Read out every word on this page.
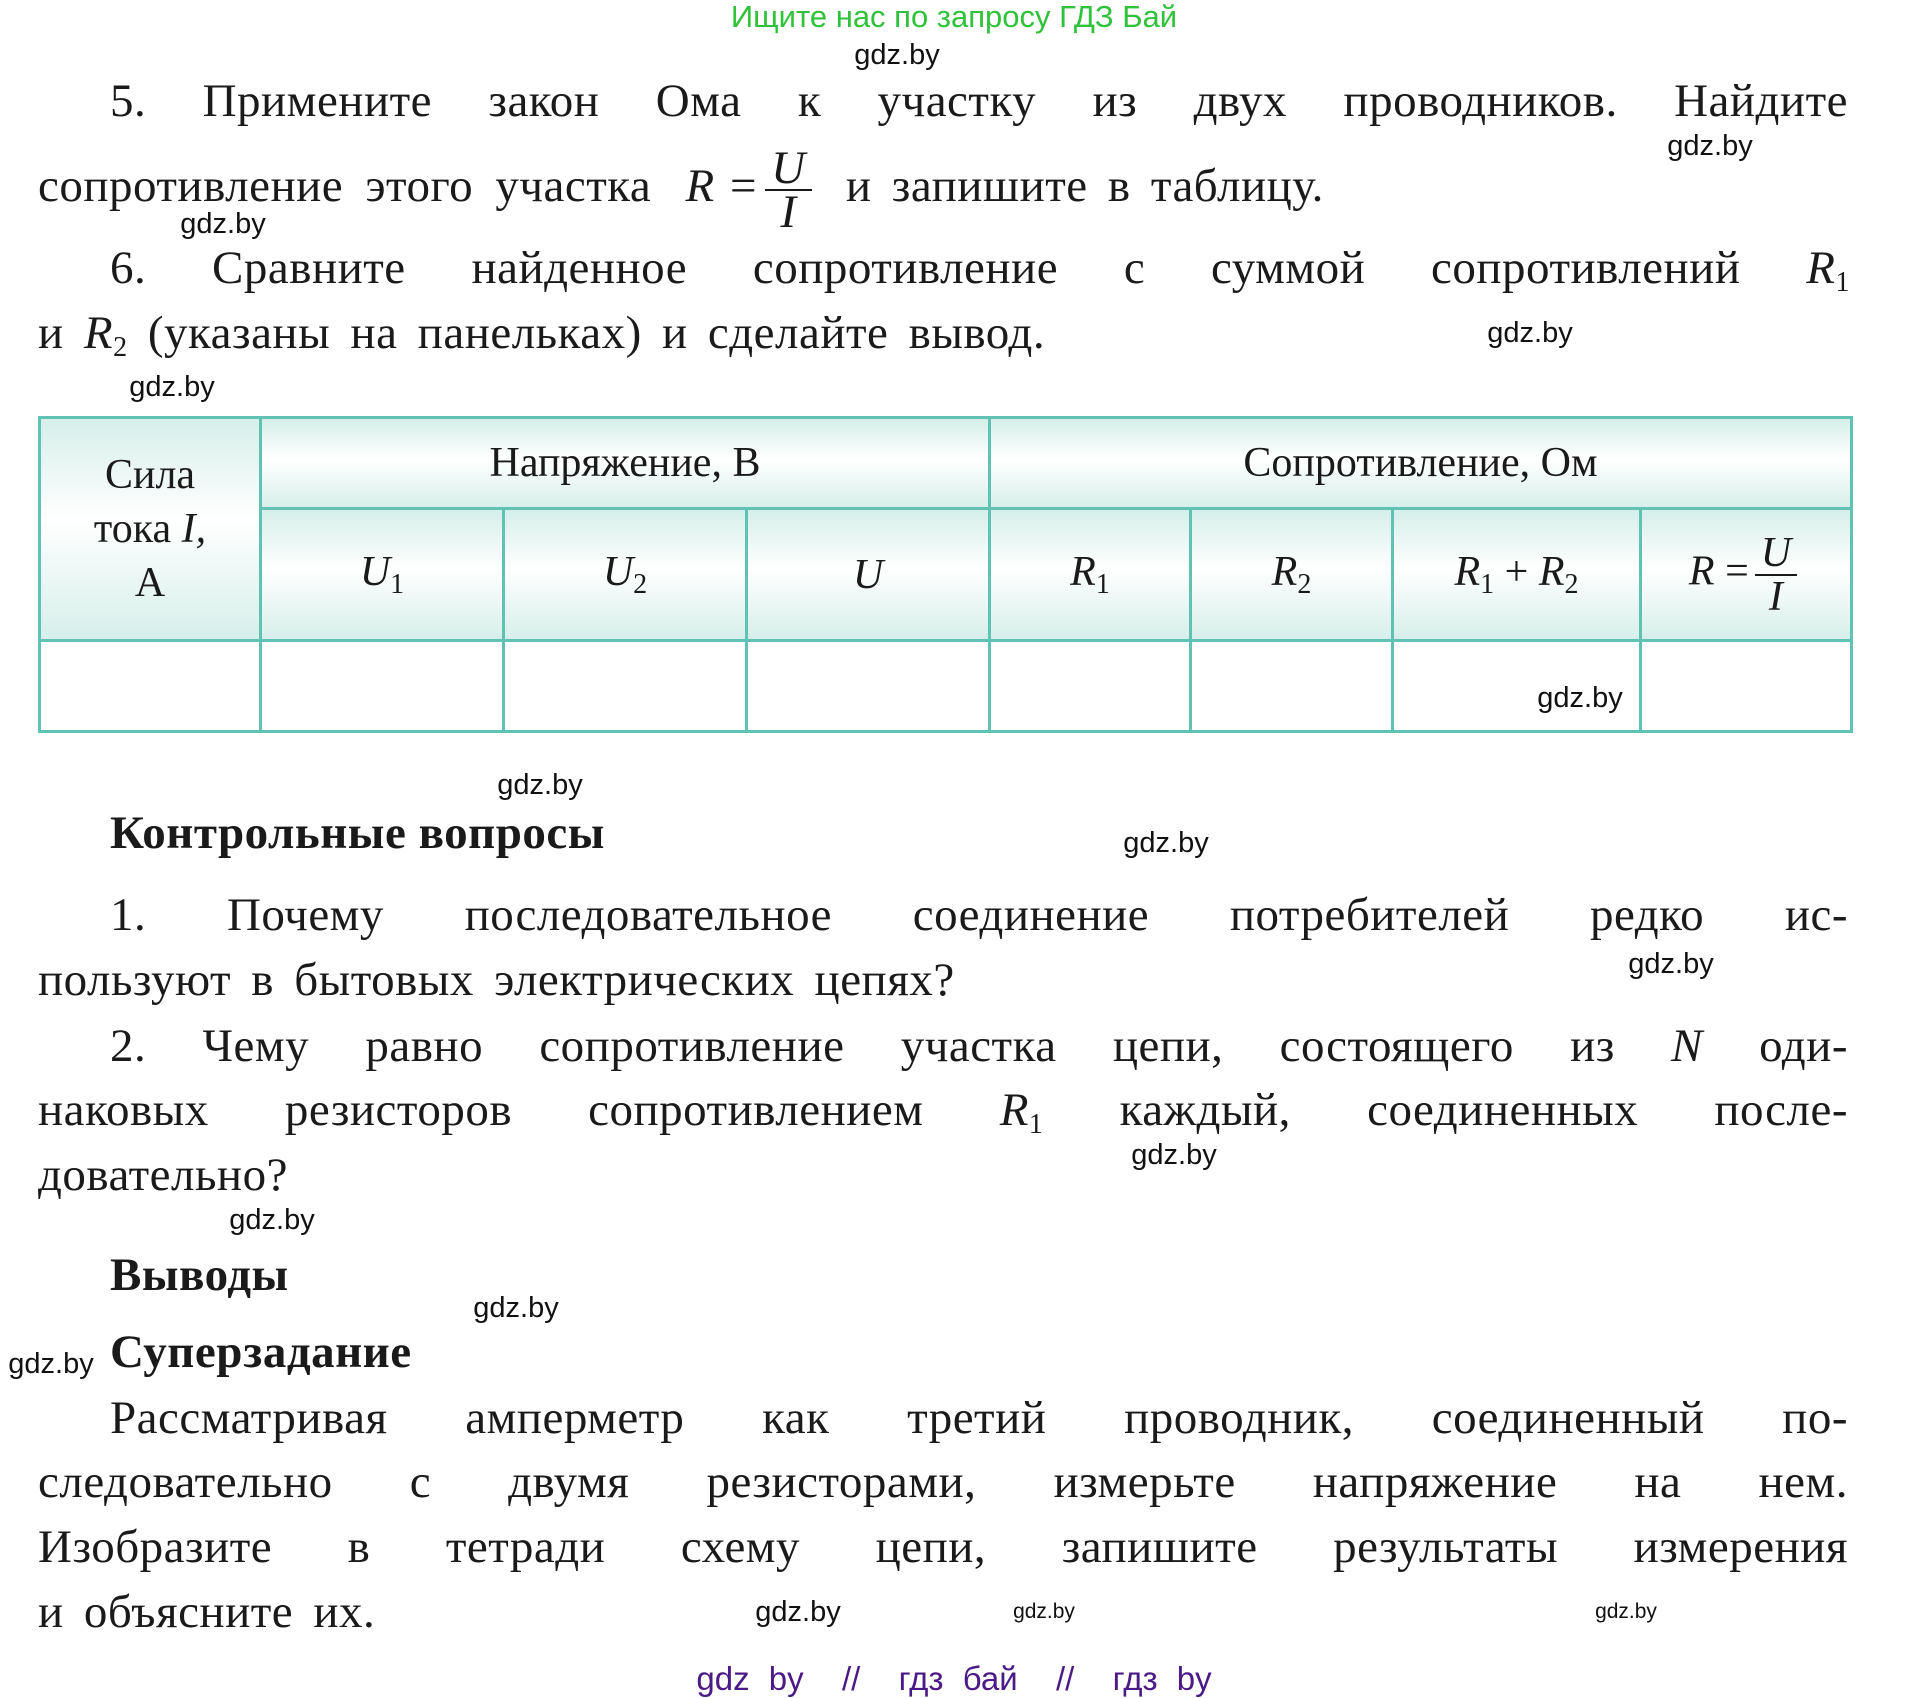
Ищите нас по запросу ГДЗ Бай
5. Примените закон Ома к участку из двух проводников. Найдите
сопротивление этого участка $R = \frac{U}{I}$ и запишите в таблицу.
6. Сравните найденное сопротивление с суммой сопротивлений $R_1$
и $R_2$ (указаны на панельках) и сделайте вывод.
Сила
тока I,
A	Напряжение, В			Сопротивление, Ом			
	$U_1$	$U_2$	U	$R_1$	$R_2$	$R_1 + R_2$	$R = \frac{U}{I}$

Контрольные вопросы
1. Почему последовательное соединение потребителей редко ис-
пользуют в бытовых электрических цепях?
2. Чему равно сопротивление участка цепи, состоящего из N оди-
наковых резисторов сопротивлением $R_1$ каждый, соединенных после-
довательно?
Выводы
Суперзадание
Рассматривая амперметр как третий проводник, соединенный по-
следовательно с двумя резисторами, измерьте напряжение на нем.
Изобразите в тетради схему цепи, запишите результаты измерения
и объясните их.
gdz.by
gdz.by
gdz.by
gdz.by
gdz.by
gdz.by
gdz.by
gdz.by
gdz.by
gdz.by
gdz.by
gdz.by
gdz.by
gdz.by	gdz.by
gdz.by
gdz by  //  гдз бай  //  гдз by
